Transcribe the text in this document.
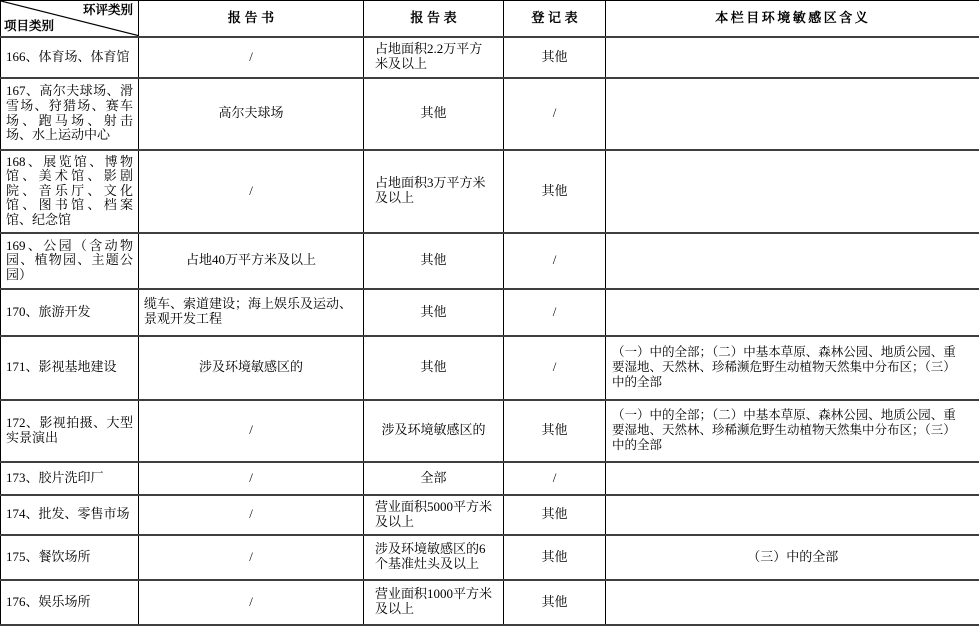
环评类别
项目类别	报 告 书	报 告 表	登 记 表	本栏目环境敏感区含义
166、体育场、体育馆	/	占地面积2.2万平方米及以上	其他	
167、高尔夫球场、滑雪场、狩猎场、赛车场、跑马场、射击场、水上运动中心	高尔夫球场	其他	/	
168、展览馆、博物馆、美术馆、影剧院、音乐厅、文化馆、图书馆、档案馆、纪念馆	/	占地面积3万平方米及以上	其他	
169、公园（含动物园、植物园、主题公园）	占地40万平方米及以上	其他	/	
170、旅游开发	缆车、索道建设；海上娱乐及运动、景观开发工程	其他	/	
171、影视基地建设	涉及环境敏感区的	其他	/	（一）中的全部；（二）中基本草原、森林公园、地质公园、重要湿地、天然林、珍稀濒危野生动植物天然集中分布区；（三）中的全部
172、影视拍摄、大型实景演出	/	涉及环境敏感区的	其他	（一）中的全部；（二）中基本草原、森林公园、地质公园、重要湿地、天然林、珍稀濒危野生动植物天然集中分布区；（三）中的全部
173、胶片洗印厂	/	全部	/	
174、批发、零售市场	/	营业面积5000平方米及以上	其他	
175、餐饮场所	/	涉及环境敏感区的6个基准灶头及以上	其他	（三）中的全部
176、娱乐场所	/	营业面积1000平方米及以上	其他	
